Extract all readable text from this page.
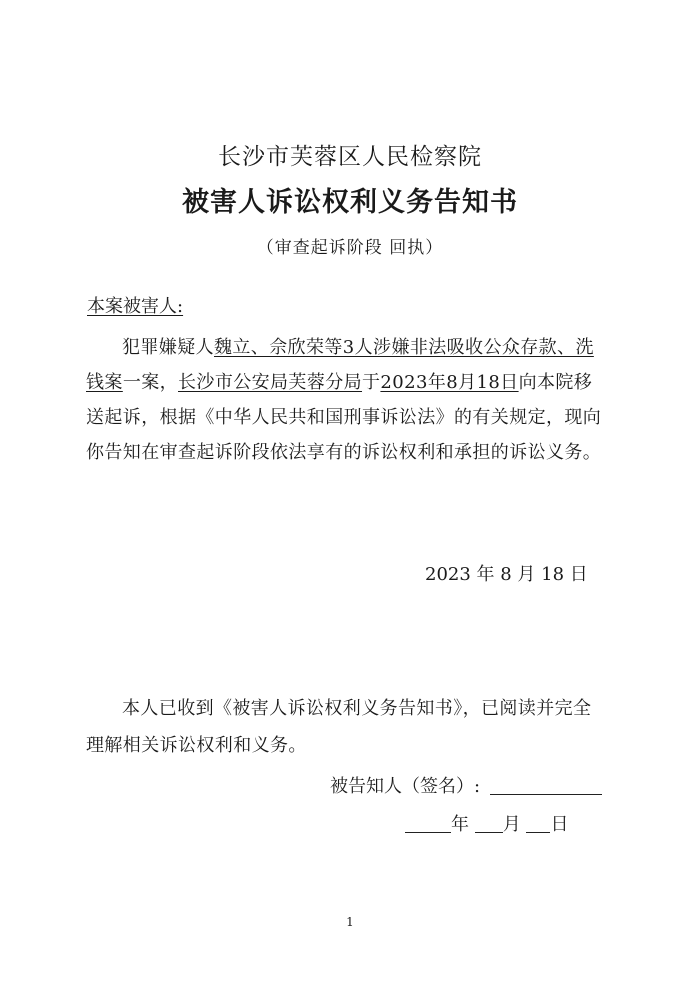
长沙市芙蓉区人民检察院
被害人诉讼权利义务告知书
（审查起诉阶段 回执）
本案被害人:
犯罪嫌疑人魏立、佘欣荣等3人涉嫌非法吸收公众存款、洗钱案一案，长沙市公安局芙蓉分局于2023年8月18日向本院移送起诉，根据《中华人民共和国刑事诉讼法》的有关规定，现向你告知在审查起诉阶段依法享有的诉讼权利和承担的诉讼义务。
2023 年 8 月 18 日
本人已收到《被害人诉讼权利义务告知书》，已阅读并完全理解相关诉讼权利和义务。
被告知人（签名）:
年 月 日
1
